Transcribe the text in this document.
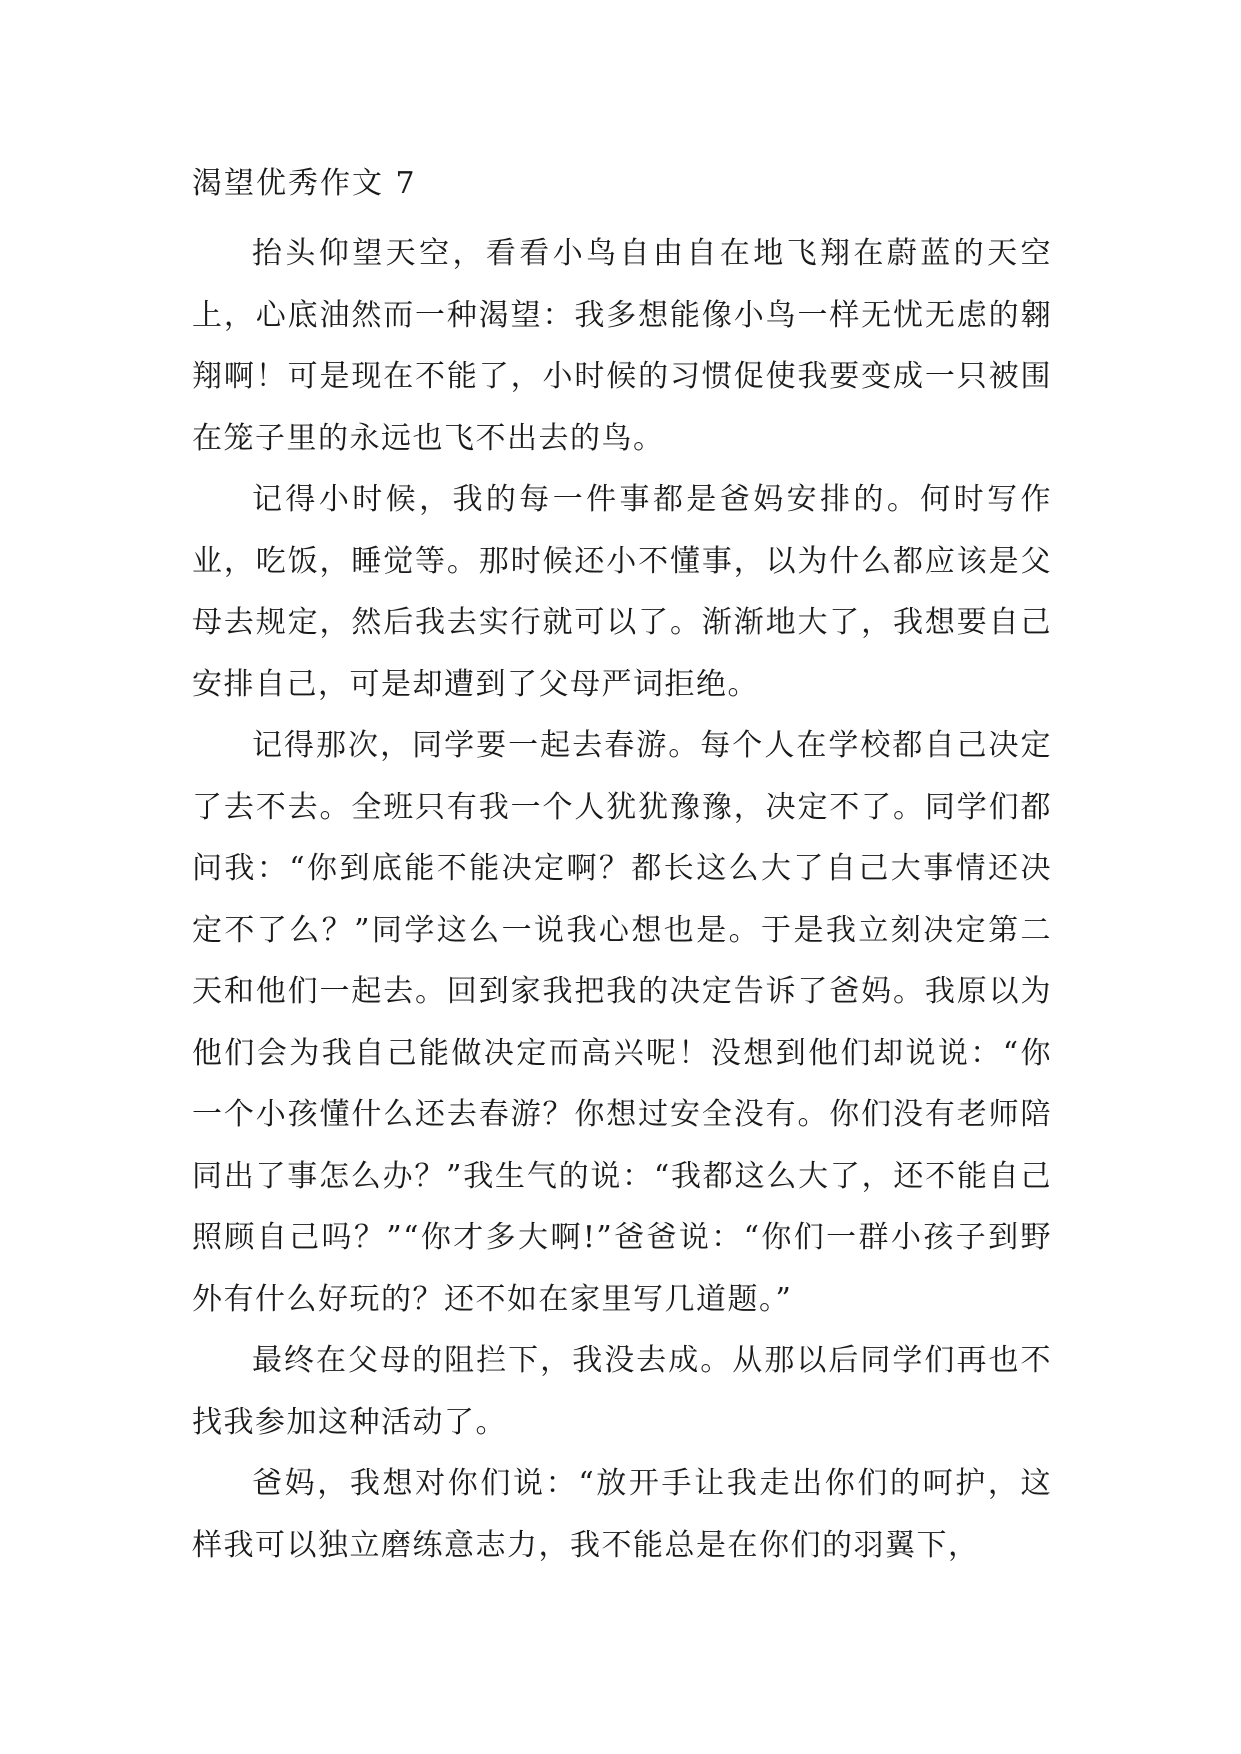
渴望优秀作文 7

抬头仰望天空，看看小鸟自由自在地飞翔在蔚蓝的天空上，心底油然而一种渴望：我多想能像小鸟一样无忧无虑的翱翔啊！可是现在不能了，小时候的习惯促使我要变成一只被围在笼子里的永远也飞不出去的鸟。

记得小时候，我的每一件事都是爸妈安排的。何时写作业，吃饭，睡觉等。那时候还小不懂事，以为什么都应该是父母去规定，然后我去实行就可以了。渐渐地大了，我想要自己安排自己，可是却遭到了父母严词拒绝。

记得那次，同学要一起去春游。每个人在学校都自己决定了去不去。全班只有我一个人犹犹豫豫，决定不了。同学们都问我：“你到底能不能决定啊？都长这么大了自己大事情还决定不了么？”同学这么一说我心想也是。于是我立刻决定第二天和他们一起去。回到家我把我的决定告诉了爸妈。我原以为他们会为我自己能做决定而高兴呢！没想到他们却说说：“你一个小孩懂什么还去春游？你想过安全没有。你们没有老师陪同出了事怎么办？”我生气的说：“我都这么大了，还不能自己照顾自己吗？”“你才多大啊!”爸爸说：“你们一群小孩子到野外有什么好玩的？还不如在家里写几道题。”

最终在父母的阻拦下，我没去成。从那以后同学们再也不找我参加这种活动了。

爸妈，我想对你们说：“放开手让我走出你们的呵护，这样我可以独立磨练意志力，我不能总是在你们的羽翼下，
